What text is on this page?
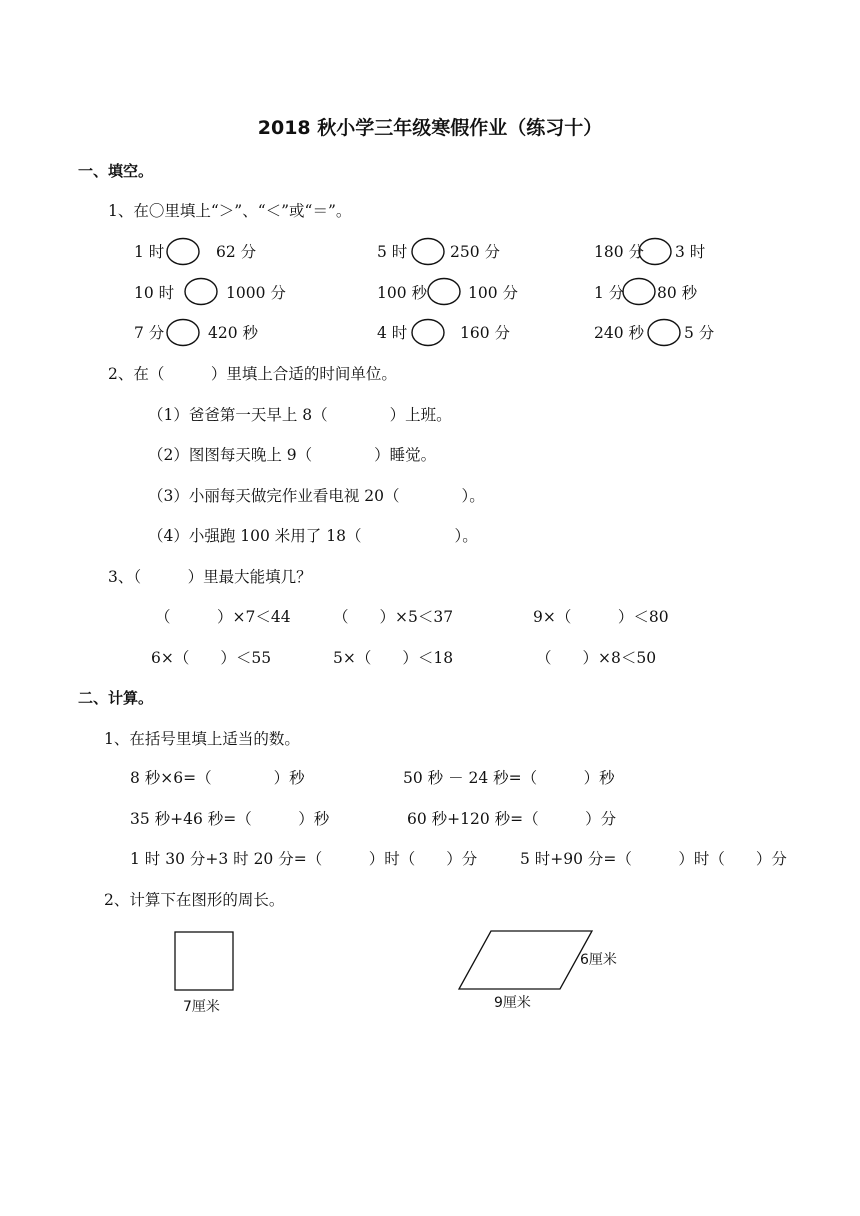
2018 秋小学三年级寒假作业（练习十）
一、填空。
1、在〇里填上“＞”、“＜”或“＝”。
1 时	62 分	5 时	250 分	180 分 3 时
10 时	1000 分	100 秒	100 分	1 分 80 秒
7 分	420 秒	4 时	160 分	240 秒	5 分
2、在（　　　）里填上合适的时间单位。
（1）爸爸第一天早上 8（　　　　）上班。
（2）图图每天晚上 9（　　　　）睡觉。
（3）小丽每天做完作业看电视 20（　　　　）。
（4）小强跑 100 米用了 18（　　　　　　）。
3、（　　　）里最大能填几？
（　　　）×7＜44	（　　）×5＜37	9×（　　　）＜80
6×（　　）＜55	5×（　　）＜18	（　　）×8＜50
二、计算。
1、在括号里填上适当的数。
8 秒×6=（　　　　）秒	50 秒 － 24 秒=（　　　）秒
35 秒+46 秒=（　　　）秒	60 秒+120 秒=（　　　）分
1 时 30 分+3 时 20 分=（　　　）时（　　）分	5 时+90 分=（　　　）时（　　）分
2、计算下在图形的周长。
7厘米
6厘米
9厘米
